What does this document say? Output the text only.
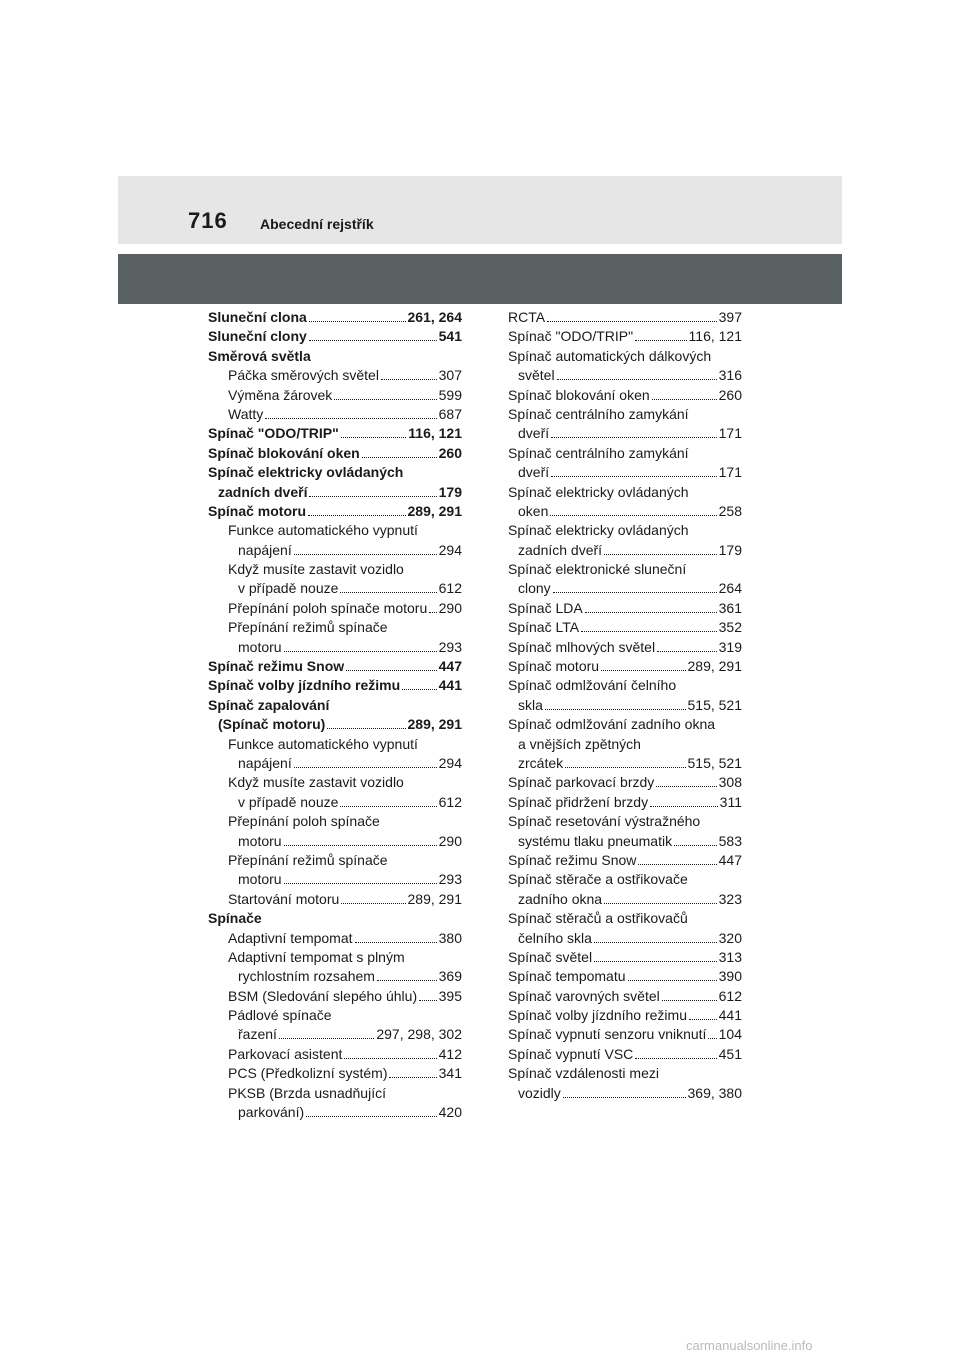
716 Abecední rejstřík
Sluneční clona	261, 264
Sluneční clony	541
Směrová světla
Páčka směrových světel	307
Výměna žárovek	599
Watty	687
Spínač "ODO/TRIP"	116, 121
Spínač blokování oken	260
Spínač elektricky ovládaných
zadních dveří	179
Spínač motoru	289, 291
Funkce automatického vypnutí
napájení	294
Když musíte zastavit vozidlo
v případě nouze	612
Přepínání poloh spínače motoru 290
Přepínání režimů spínače
motoru	293
Spínač režimu Snow	447
Spínač volby jízdního režimu	441
Spínač zapalování
(Spínač motoru)	289, 291
Funkce automatického vypnutí
napájení	294
Když musíte zastavit vozidlo
v případě nouze	612
Přepínání poloh spínače
motoru	290
Přepínání režimů spínače
motoru	293
Startování motoru	289, 291
Spínače
Adaptivní tempomat	380
Adaptivní tempomat s plným
rychlostním rozsahem	369
BSM (Sledování slepého úhlu) 395
Pádlové spínače
řazení	297, 298, 302
Parkovací asistent	412
PCS (Předkolizní systém)	341
PKSB (Brzda usnadňující
parkování)	420
RCTA	397
Spínač "ODO/TRIP"	116, 121
Spínač automatických dálkových
světel	316
Spínač blokování oken	260
Spínač centrálního zamykání
dveří	171
Spínač centrálního zamykání
dveří	171
Spínač elektricky ovládaných
oken	258
Spínač elektricky ovládaných
zadních dveří	179
Spínač elektronické sluneční
clony	264
Spínač LDA	361
Spínač LTA	352
Spínač mlhových světel	319
Spínač motoru	289, 291
Spínač odmlžování čelního
skla	515, 521
Spínač odmlžování zadního okna
a vnějších zpětných
zrcátek	515, 521
Spínač parkovací brzdy	308
Spínač přidržení brzdy	311
Spínač resetování výstražného
systému tlaku pneumatik	583
Spínač režimu Snow	447
Spínač stěrače a ostřikovače
zadního okna	323
Spínač stěračů a ostřikovačů
čelního skla	320
Spínač světel	313
Spínač tempomatu	390
Spínač varovných světel	612
Spínač volby jízdního režimu 441
Spínač vypnutí senzoru vniknutí 104
Spínač vypnutí VSC	451
Spínač vzdálenosti mezi
vozidly	369, 380
carmanualsonline.info
